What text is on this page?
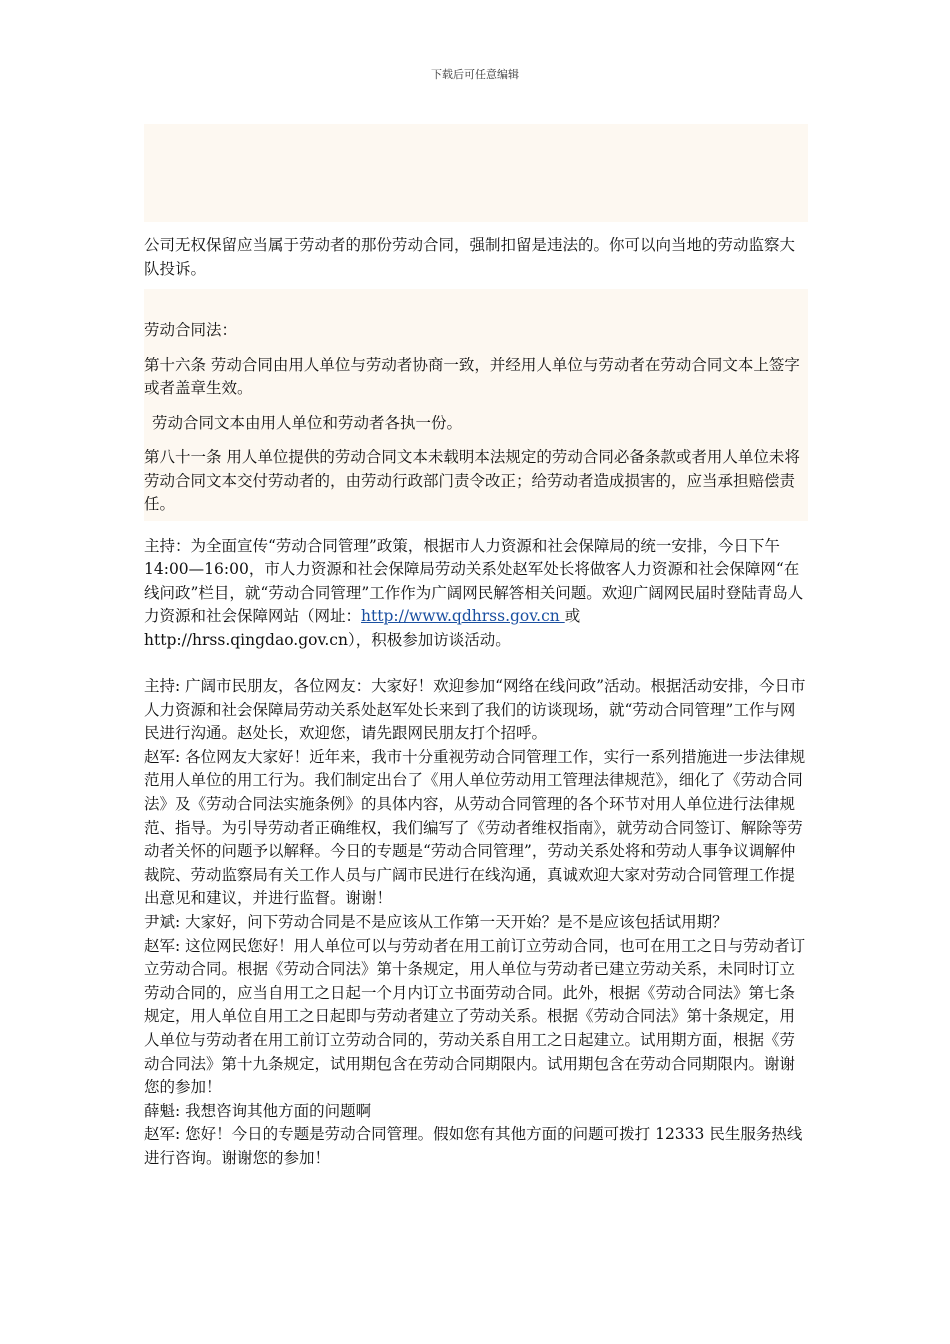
下载后可任意编辑

公司无权保留应当属于劳动者的那份劳动合同，强制扣留是违法的。你可以向当地的劳动监察大队投诉。

劳动合同法：

第十六条 劳动合同由用人单位与劳动者协商一致，并经用人单位与劳动者在劳动合同文本上签字或者盖章生效。

劳动合同文本由用人单位和劳动者各执一份。

第八十一条 用人单位提供的劳动合同文本未载明本法规定的劳动合同必备条款或者用人单位未将劳动合同文本交付劳动者的，由劳动行政部门责令改正；给劳动者造成损害的，应当承担赔偿责任。

主持：为全面宣传“劳动合同管理”政策，根据市人力资源和社会保障局的统一安排，今日下午 14:00—16:00，市人力资源和社会保障局劳动关系处赵军处长将做客人力资源和社会保障网“在线问政”栏目，就“劳动合同管理”工作作为广阔网民解答相关问题。欢迎广阔网民届时登陆青岛人力资源和社会保障网站（网址：http://www.qdhrss.gov.cn 或 http://hrss.qingdao.gov.cn），积极参加访谈活动。

主持: 广阔市民朋友，各位网友：大家好！欢迎参加“网络在线问政”活动。根据活动安排，今日市人力资源和社会保障局劳动关系处赵军处长来到了我们的访谈现场，就“劳动合同管理”工作与网民进行沟通。赵处长，欢迎您，请先跟网民朋友打个招呼。

赵军: 各位网友大家好！近年来，我市十分重视劳动合同管理工作，实行一系列措施进一步法律规范用人单位的用工行为。我们制定出台了《用人单位劳动用工管理法律规范》，细化了《劳动合同法》及《劳动合同法实施条例》的具体内容，从劳动合同管理的各个环节对用人单位进行法律规范、指导。为引导劳动者正确维权，我们编写了《劳动者维权指南》，就劳动合同签订、解除等劳动者关怀的问题予以解释。今日的专题是“劳动合同管理”，劳动关系处将和劳动人事争议调解仲裁院、劳动监察局有关工作人员与广阔市民进行在线沟通，真诚欢迎大家对劳动合同管理工作提出意见和建议，并进行监督。谢谢！

尹斌: 大家好，问下劳动合同是不是应该从工作第一天开始？是不是应该包括试用期？

赵军: 这位网民您好！用人单位可以与劳动者在用工前订立劳动合同，也可在用工之日与劳动者订立劳动合同。根据《劳动合同法》第十条规定，用人单位与劳动者已建立劳动关系，未同时订立劳动合同的，应当自用工之日起一个月内订立书面劳动合同。此外，根据《劳动合同法》第七条规定，用人单位自用工之日起即与劳动者建立了劳动关系。根据《劳动合同法》第十条规定，用人单位与劳动者在用工前订立劳动合同的，劳动关系自用工之日起建立。试用期方面，根据《劳动合同法》第十九条规定，试用期包含在劳动合同期限内。试用期包含在劳动合同期限内。谢谢您的参加！

薛魁: 我想咨询其他方面的问题啊

赵军: 您好！今日的专题是劳动合同管理。假如您有其他方面的问题可拨打 12333 民生服务热线进行咨询。谢谢您的参加！
